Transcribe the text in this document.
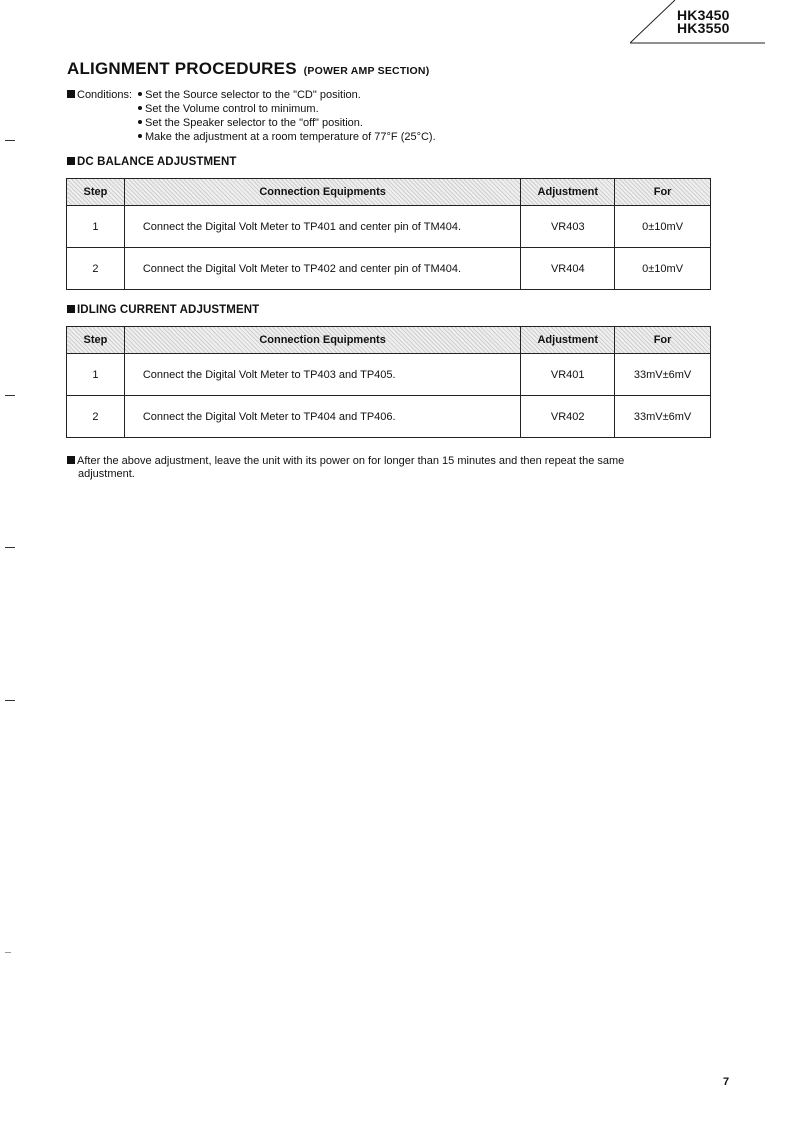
HK3450
HK3550
ALIGNMENT PROCEDURES (POWER AMP SECTION)
Conditions: Set the Source selector to the "CD" position.
Set the Volume control to minimum.
Set the Speaker selector to the "off" position.
Make the adjustment at a room temperature of 77°F (25°C).
DC BALANCE ADJUSTMENT
Step	Connection Equipments	Adjustment	For
1	Connect the Digital Volt Meter to TP401 and center pin of TM404.	VR403	0±10mV
2	Connect the Digital Volt Meter to TP402 and center pin of TM404.	VR404	0±10mV
IDLING CURRENT ADJUSTMENT
Step	Connection Equipments	Adjustment	For
1	Connect the Digital Volt Meter to TP403 and TP405.	VR401	33mV±6mV
2	Connect the Digital Volt Meter to TP404 and TP406.	VR402	33mV±6mV
After the above adjustment, leave the unit with its power on for longer than 15 minutes and then repeat the same
adjustment.
7
